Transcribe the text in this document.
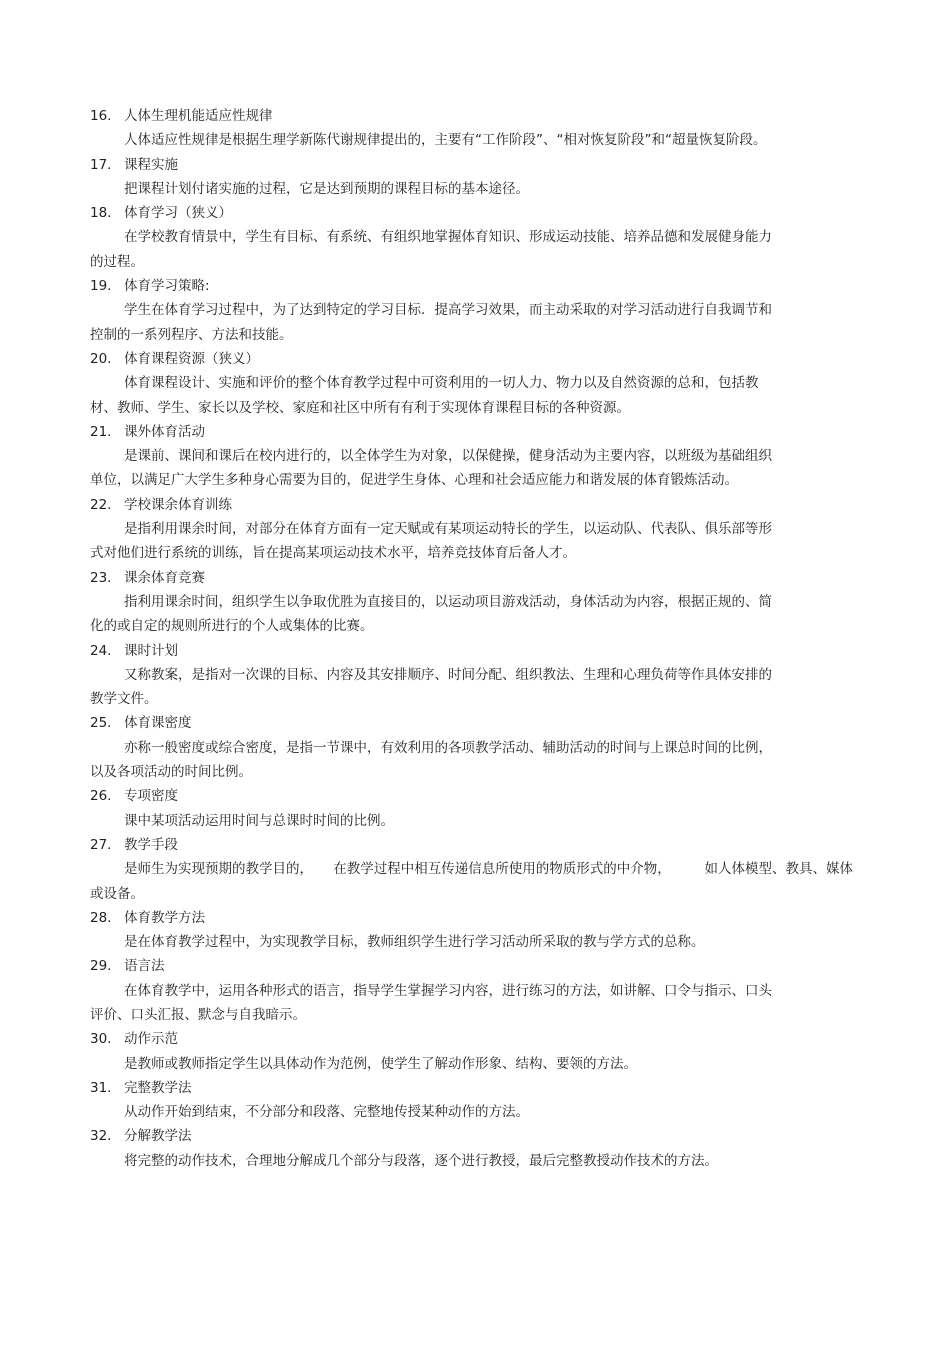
16. 人体生理机能适应性规律

人体适应性规律是根据生理学新陈代谢规律提出的，主要有“工作阶段”、“相对恢复阶段”和“超量恢复阶段。

17. 课程实施

把课程计划付诸实施的过程，它是达到预期的课程目标的基本途径。

18. 体育学习（狭义）

在学校教育情景中，学生有目标、有系统、有组织地掌握体育知识、形成运动技能、培养品德和发展健身能力的过程。

19. 体育学习策略:

学生在体育学习过程中，为了达到特定的学习目标．提高学习效果，而主动采取的对学习活动进行自我调节和控制的一系列程序、方法和技能。

20. 体育课程资源（狭义）

体育课程设计、实施和评价的整个体育教学过程中可资利用的一切人力、物力以及自然资源的总和，包括教材、教师、学生、家长以及学校、家庭和社区中所有有利于实现体育课程目标的各种资源。

21. 课外体育活动

是课前、课间和课后在校内进行的，以全体学生为对象，以保健操，健身活动为主要内容，以班级为基础组织单位，以满足广大学生多种身心需要为目的，促进学生身体、心理和社会适应能力和谐发展的体育锻炼活动。

22. 学校课余体育训练

是指利用课余时间，对部分在体育方面有一定天赋或有某项运动特长的学生，以运动队、代表队、俱乐部等形式对他们进行系统的训练，旨在提高某项运动技术水平，培养竞技体育后备人才。

23. 课余体育竞赛

指利用课余时间，组织学生以争取优胜为直接目的，以运动项目游戏活动，身体活动为内容，根据正规的、简化的或自定的规则所进行的个人或集体的比赛。

24. 课时计划

又称教案，是指对一次课的目标、内容及其安排顺序、时间分配、组织教法、生理和心理负荷等作具体安排的教学文件。

25. 体育课密度

亦称一般密度或综合密度，是指一节课中，有效利用的各项教学活动、辅助活动的时间与上课总时间的比例，以及各项活动的时间比例。

26. 专项密度

课中某项活动运用时间与总课时时间的比例。

27. 教学手段

是师生为实现预期的教学目的，　　在教学过程中相互传递信息所使用的物质形式的中介物，　　　如人体模型、教具、媒体或设备。

28. 体育教学方法

是在体育教学过程中，为实现教学目标，教师组织学生进行学习活动所采取的教与学方式的总称。

29. 语言法

在体育教学中，运用各种形式的语言，指导学生掌握学习内容，进行练习的方法，如讲解、口令与指示、口头评价、口头汇报、默念与自我暗示。

30. 动作示范

是教师或教师指定学生以具体动作为范例，使学生了解动作形象、结构、要领的方法。

31. 完整教学法

从动作开始到结束，不分部分和段落、完整地传授某种动作的方法。

32. 分解教学法

将完整的动作技术，合理地分解成几个部分与段落，逐个进行教授，最后完整教授动作技术的方法。
